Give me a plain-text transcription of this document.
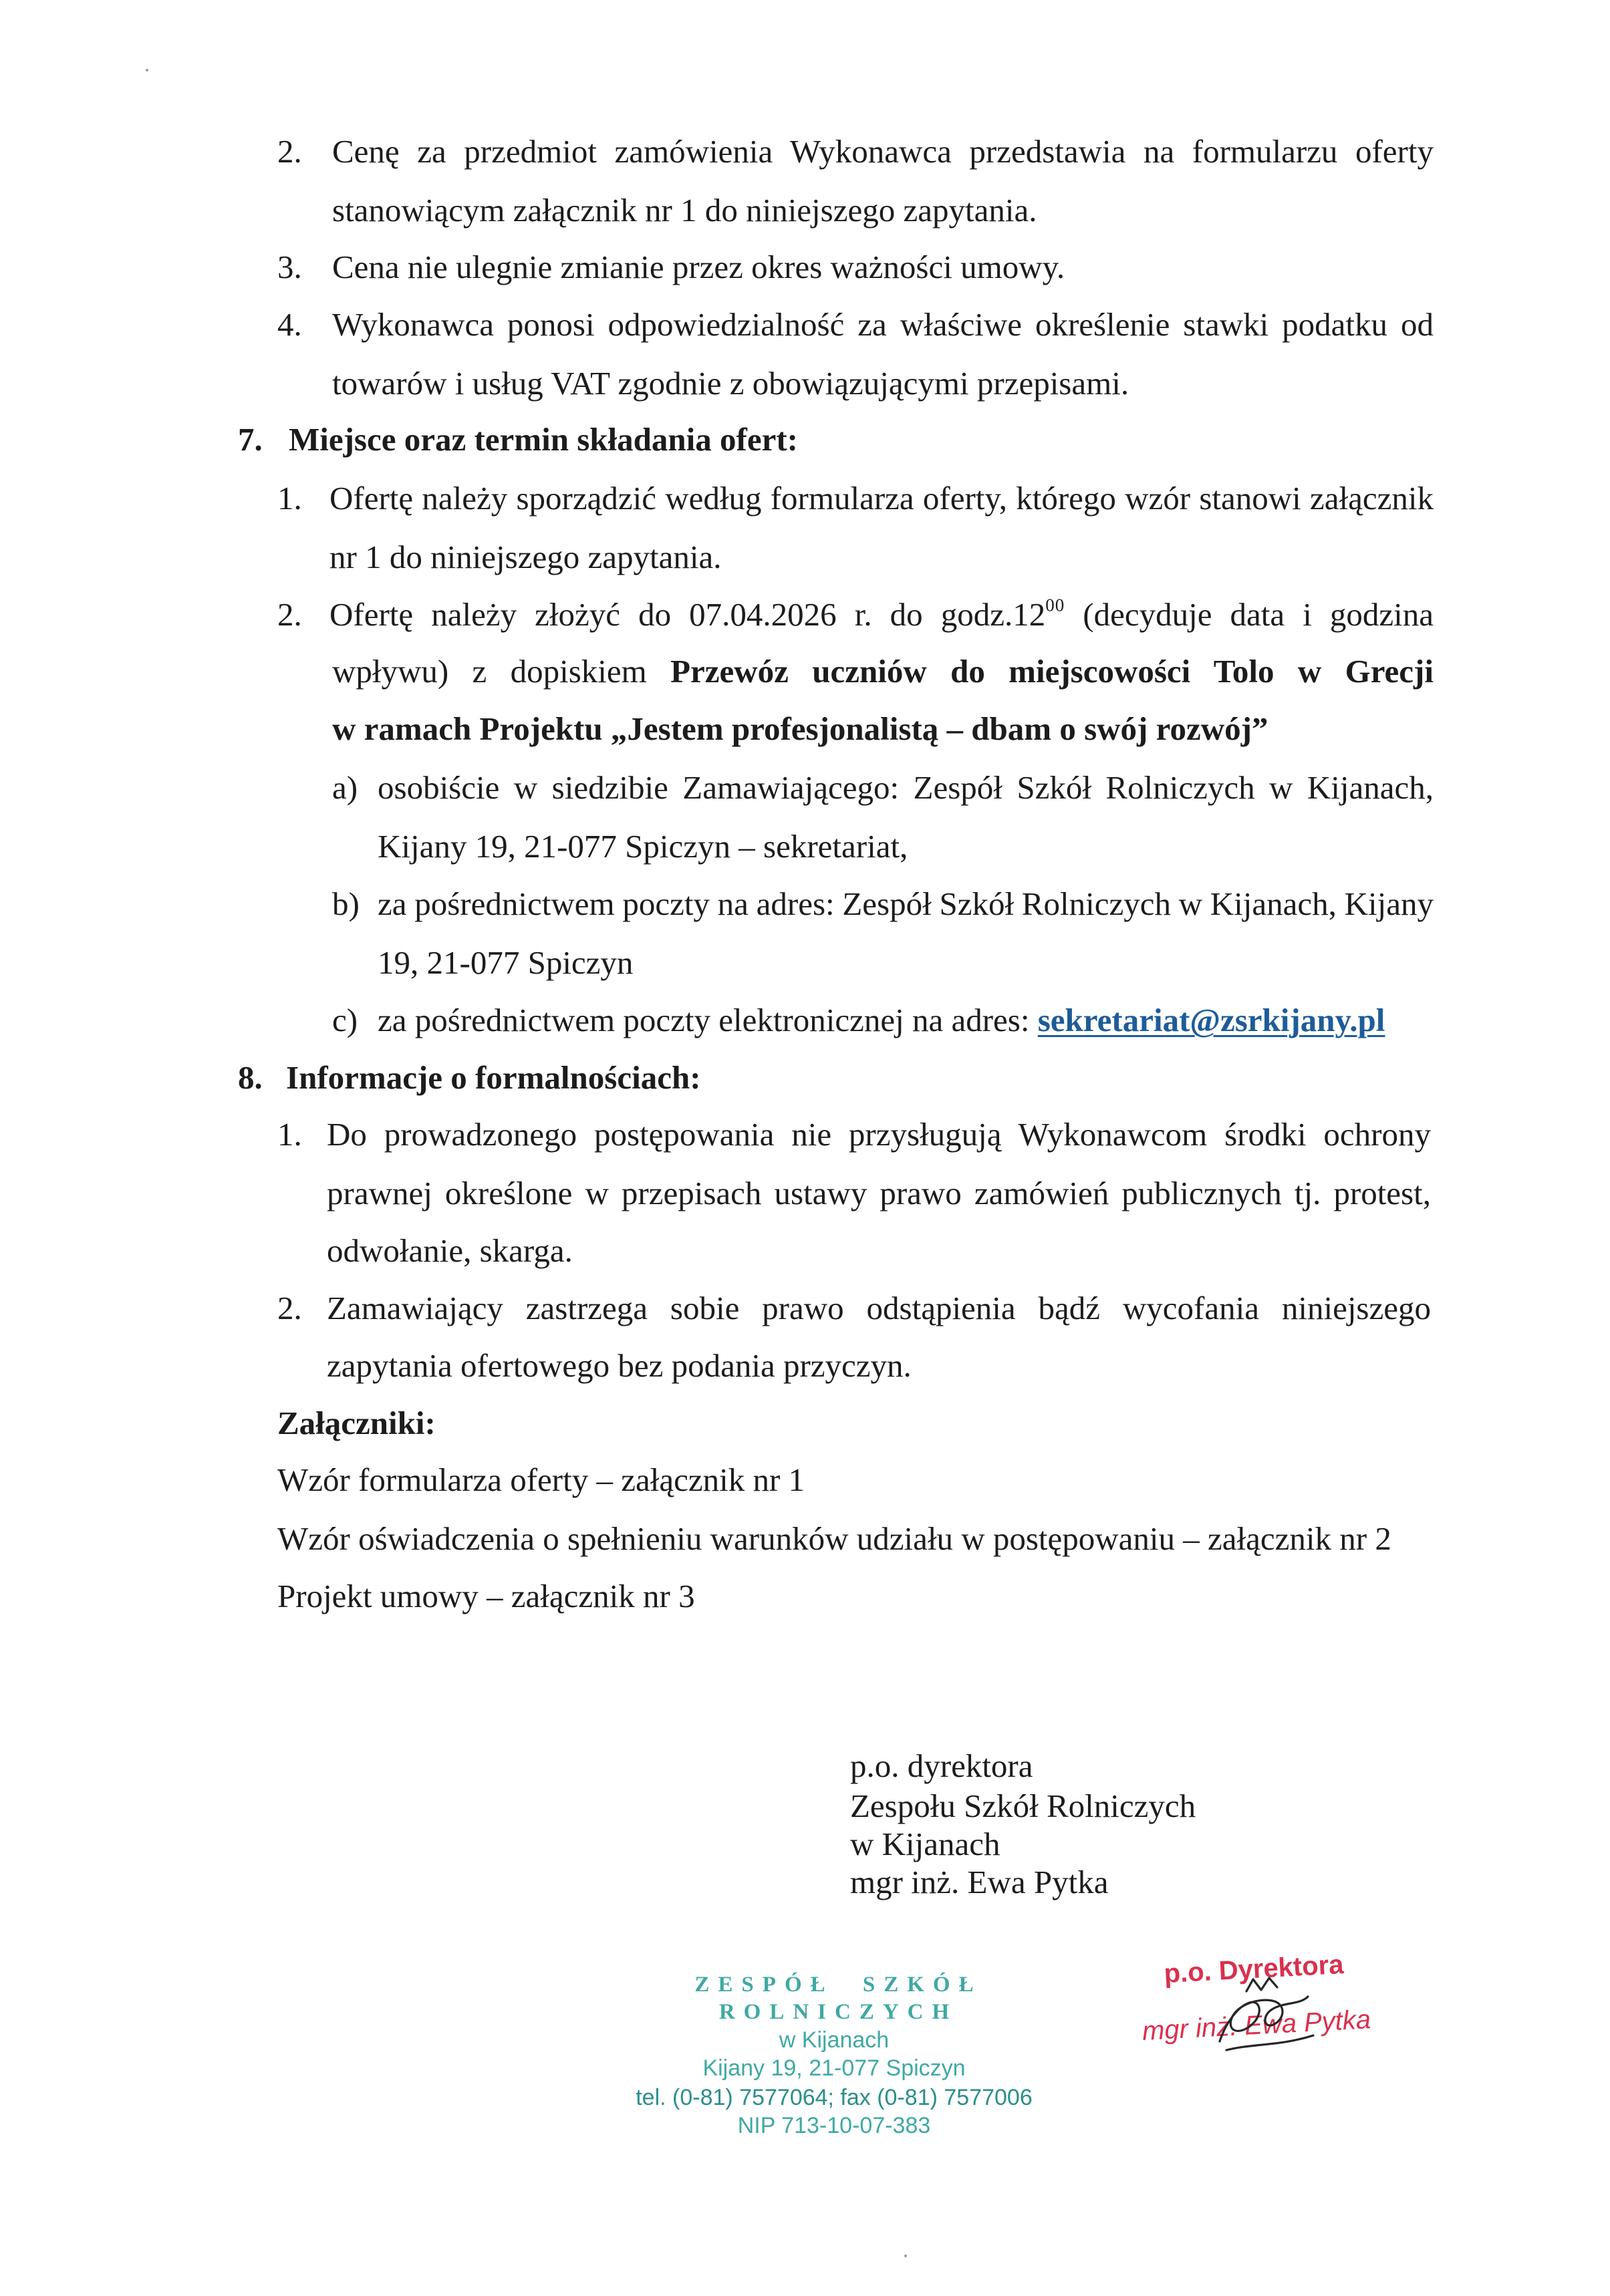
2. Cenę za przedmiot zamówienia Wykonawca przedstawia na formularzu oferty
stanowiącym załącznik nr 1 do niniejszego zapytania.
3. Cena nie ulegnie zmianie przez okres ważności umowy.
4. Wykonawca ponosi odpowiedzialność za właściwe określenie stawki podatku od
towarów i usług VAT zgodnie z obowiązującymi przepisami.
7. Miejsce oraz termin składania ofert:
1. Ofertę należy sporządzić według formularza oferty, którego wzór stanowi załącznik
nr 1 do niniejszego zapytania.
2. Ofertę należy złożyć do 07.04.2026 r. do $godz.12^{00}$ (decyduje data i godzina
wpływu) z dopiskiem Przewóz uczniów do miejscowości Tolo w Grecji
w ramach Projektu „Jestem profesjonalistą – dbam o swój rozwój”
a) osobiście w siedzibie Zamawiającego: Zespół Szkół Rolniczych w Kijanach,
Kijany 19, 21-077 Spiczyn – sekretariat,
b) za pośrednictwem poczty na adres: Zespół Szkół Rolniczych w Kijanach, Kijany
19, 21-077 Spiczyn
c) za pośrednictwem poczty elektronicznej na adres: sekretariat@zsrkijany.pl
8. Informacje o formalnościach:
1. Do prowadzonego postępowania nie przysługują Wykonawcom środki ochrony
prawnej określone w przepisach ustawy prawo zamówień publicznych tj. protest,
odwołanie, skarga.
2. Zamawiający zastrzega sobie prawo odstąpienia bądź wycofania niniejszego
zapytania ofertowego bez podania przyczyn.
Załączniki:
Wzór formularza oferty – załącznik nr 1
Wzór oświadczenia o spełnieniu warunków udziału w postępowaniu – załącznik nr 2
Projekt umowy – załącznik nr 3
p.o. dyrektora
Zespołu Szkół Rolniczych
w Kijanach
mgr inż. Ewa Pytka
ZESPÓŁ SZKÓŁ
ROLNICZYCH
w Kijanach
Kijany 19, 21-077 Spiczyn
tel. (0-81) 7577064; fax (0-81) 7577006
NIP 713-10-07-383
p.o. Dyrektora
mgr inż. Ewa Pytka
